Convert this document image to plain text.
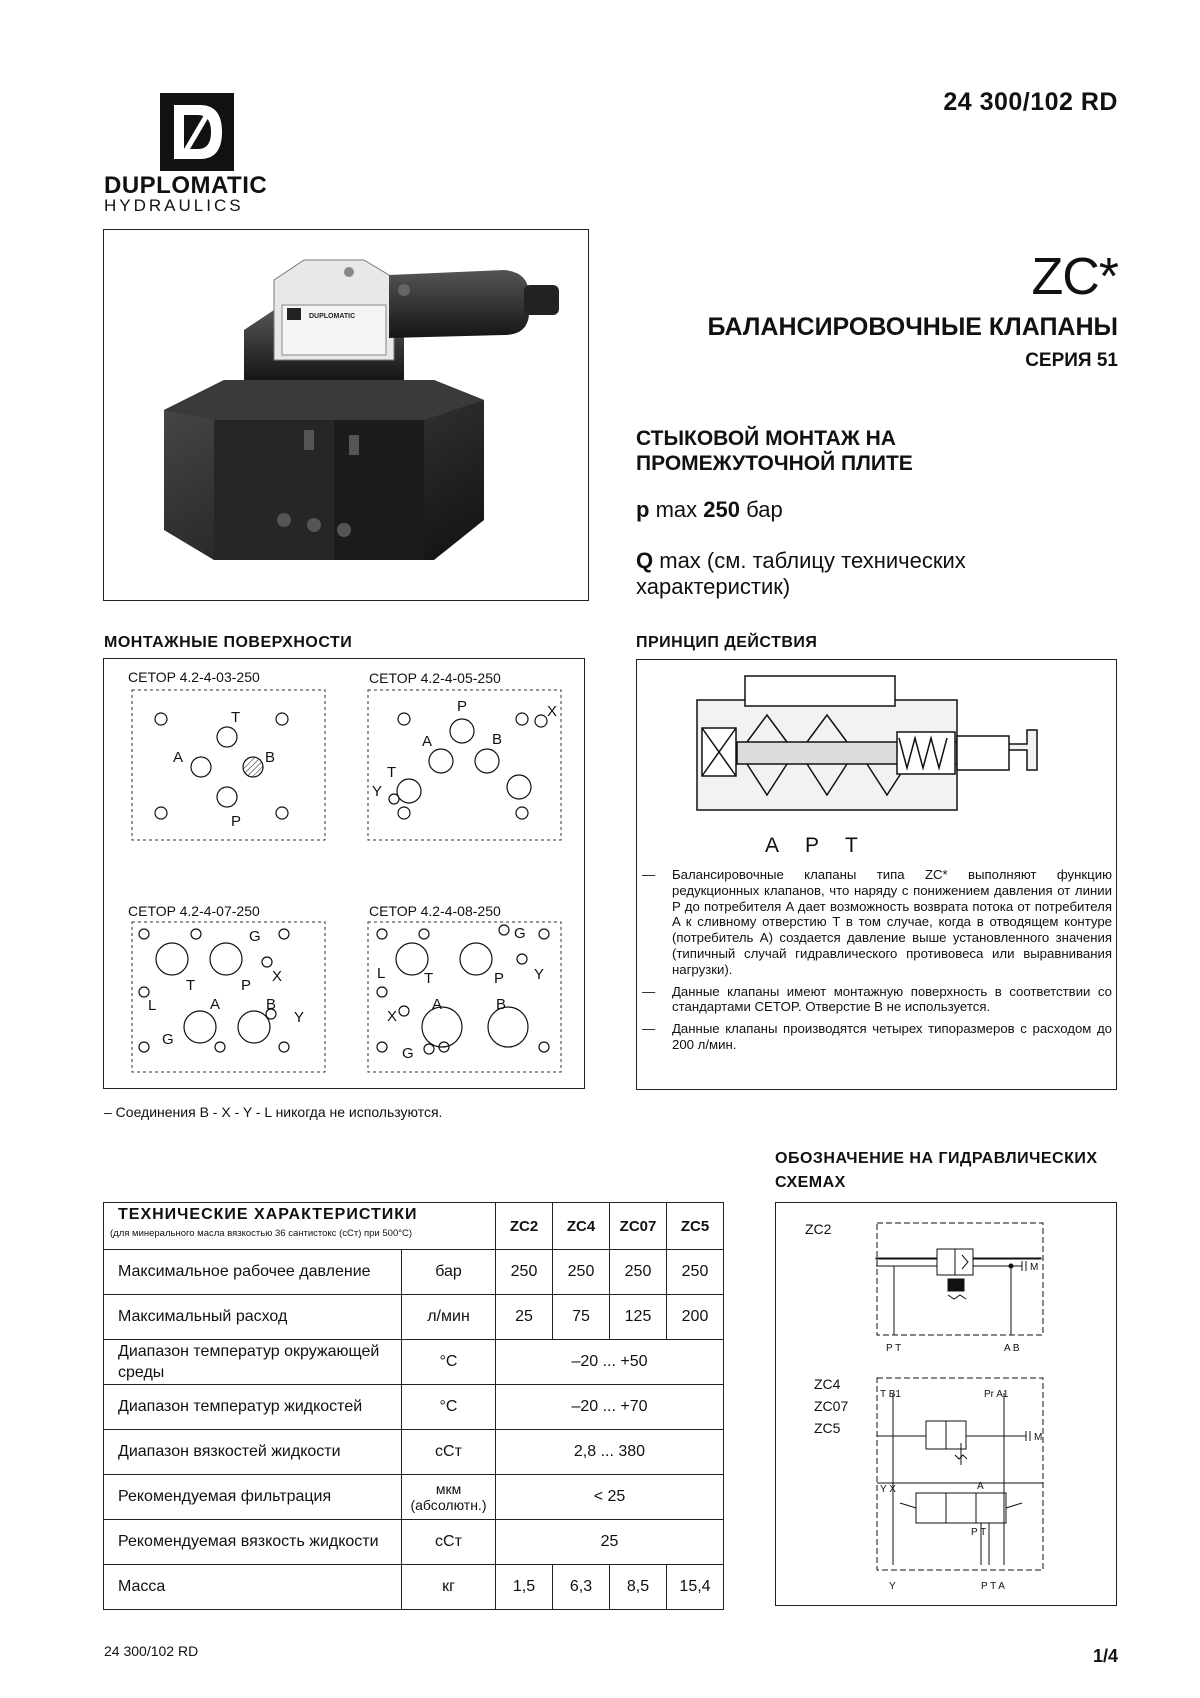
24 300/102 RD
DUPLOMATIC
HYDRAULICS
DUPLOMATIC
ZC*
БАЛАНСИРОВОЧНЫЕ КЛАПАНЫ
СЕРИЯ 51
СТЫКОВОЙ МОНТАЖ НА ПРОМЕЖУТОЧНОЙ ПЛИТЕ
p max 250 бар
Q max (см. таблицу технических характеристик)
МОНТАЖНЫЕ ПОВЕРХНОСТИ
CETOP 4.2-4-03-250	CETOP 4.2-4-05-250
CETOP 4.2-4-07-250	CETOP 4.2-4-08-250
T
A	B
P
P	X
A	B
T
Y
G
T	P
X
L	A	B
Y
G
G
L	T	P Y
X
A	B
G
– Соединения B - X - Y - L никогда не используются.
ПРИНЦИП ДЕЙСТВИЯ
A P T
— Балансировочные клапаны типа ZC* выполняют функцию редукционных клапанов, что наряду с понижением давления от линии P до потребителя A дает возможность возврата потока от потребителя A к сливному отверстию T в том случае, когда в отводящем контуре (потребитель A) создается давление выше установленного значения (типичный случай гидравлического противовеса или выравнивания нагрузки).
— Данные клапаны имеют монтажную поверхность в соответствии со стандартами CETOP. Отверстие B не используется.
— Данные клапаны производятся четырех типоразмеров с расходом до 200 л/мин.
ТЕХНИЧЕСКИЕ ХАРАКТЕРИСТИКИ
(для минерального масла вязкостью 36 сантистокс (сСт) при 500°С)		ZC2	ZC4	ZC07	ZC5
Максимальное рабочее давление	бар	250	250	250	250
Максимальный расход	л/мин	25	75	125	200
Диапазон температур окружающей среды	°C	–20 ... +50			
Диапазон температур жидкостей	°C	–20 ... +70			
Диапазон вязкостей жидкости	сСт	2,8 ... 380			
Рекомендуемая фильтрация	мкм (абсолютн.)	< 25			
Рекомендуемая вязкость жидкости	сСт	25			
Масса	кг	1,5	6,3	8,5	15,4
ОБОЗНАЧЕНИЕ НА ГИДРАВЛИЧЕСКИХ СХЕМАХ
ZC2
ZC4
ZC07
ZC5
M
P T	A B
T B1	Pr A1
M
Y X	A
P T
Y	P T A
24 300/102 RD	1/4
